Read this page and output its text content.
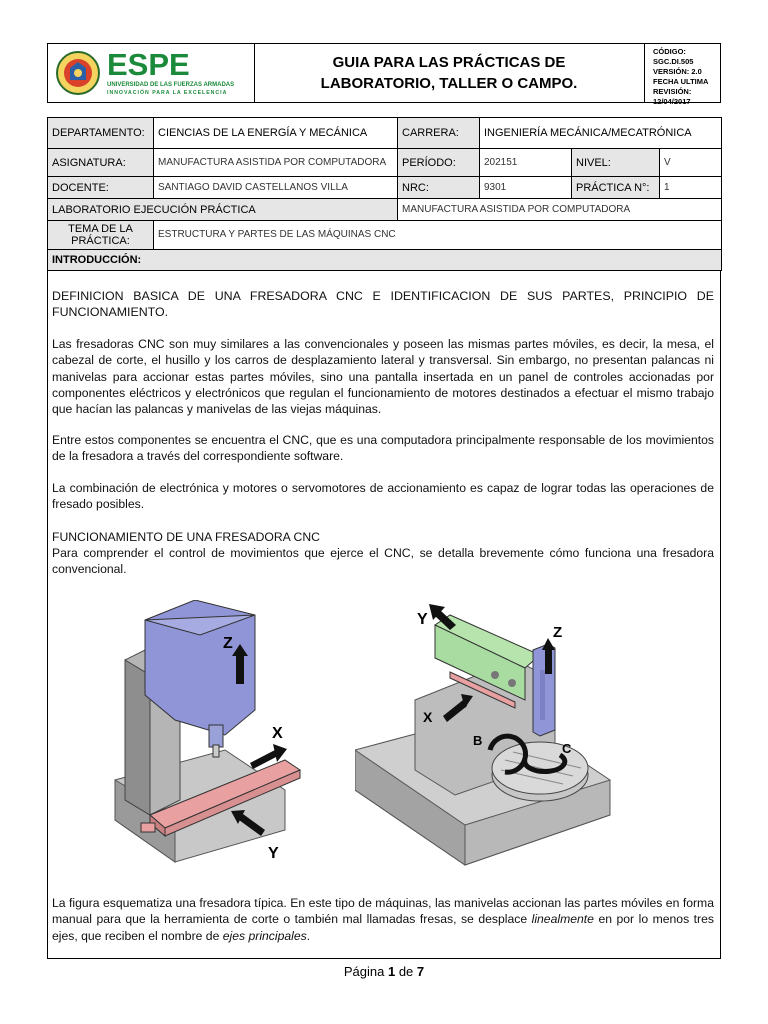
ESPE
UNIVERSIDAD DE LAS FUERZAS ARMADAS
INNOVACIÓN PARA LA EXCELENCIA
GUIA PARA LAS PRÁCTICAS DE
LABORATORIO, TALLER O CAMPO.
CÓDIGO: SGC.DI.505
VERSIÓN: 2.0
FECHA ULTIMA REVISIÓN:
12/04/2017
DEPARTAMENTO:	CIENCIAS DE LA ENERGÍA Y MECÁNICA	CARRERA:	INGENIERÍA MECÁNICA/MECATRÓNICA		
ASIGNATURA:	MANUFACTURA ASISTIDA POR COMPUTADORA	PERÍODO:	202151	NIVEL:	V
DOCENTE:	SANTIAGO DAVID CASTELLANOS VILLA	NRC:	9301	PRÁCTICA N°:	1
LABORATORIO EJECUCIÓN PRÁCTICA		MANUFACTURA ASISTIDA POR COMPUTADORA			
TEMA DE LA PRÁCTICA:	ESTRUCTURA Y PARTES DE LAS MÁQUINAS CNC				
INTRODUCCIÓN:					
DEFINICION BASICA DE UNA FRESADORA CNC E IDENTIFICACION DE SUS PARTES, PRINCIPIO DE FUNCIONAMIENTO.
Las fresadoras CNC son muy similares a las convencionales y poseen las mismas partes móviles, es decir, la mesa, el cabezal de corte, el husillo y los carros de desplazamiento lateral y transversal. Sin embargo, no presentan palancas ni manivelas para accionar estas partes móviles, sino una pantalla insertada en un panel de controles accionadas por componentes eléctricos y electrónicos que regulan el funcionamiento de motores destinados a efectuar el mismo trabajo que hacían las palancas y manivelas de las viejas máquinas.
Entre estos componentes se encuentra el CNC, que es una computadora principalmente responsable de los movimientos de la fresadora a través del correspondiente software.
La combinación de electrónica y motores o servomotores de accionamiento es capaz de lograr todas las operaciones de fresado posibles.
FUNCIONAMIENTO DE UNA FRESADORA CNC
Para comprender el control de movimientos que ejerce el CNC, se detalla brevemente cómo funciona una fresadora convencional.
Z
X
Y
B
C
Y
Z
X
La figura esquematiza una fresadora típica. En este tipo de máquinas, las manivelas accionan las partes móviles en forma manual para que la herramienta de corte o también mal llamadas fresas, se desplace linealmente en por lo menos tres ejes, que reciben el nombre de ejes principales.
Página 1 de 7
